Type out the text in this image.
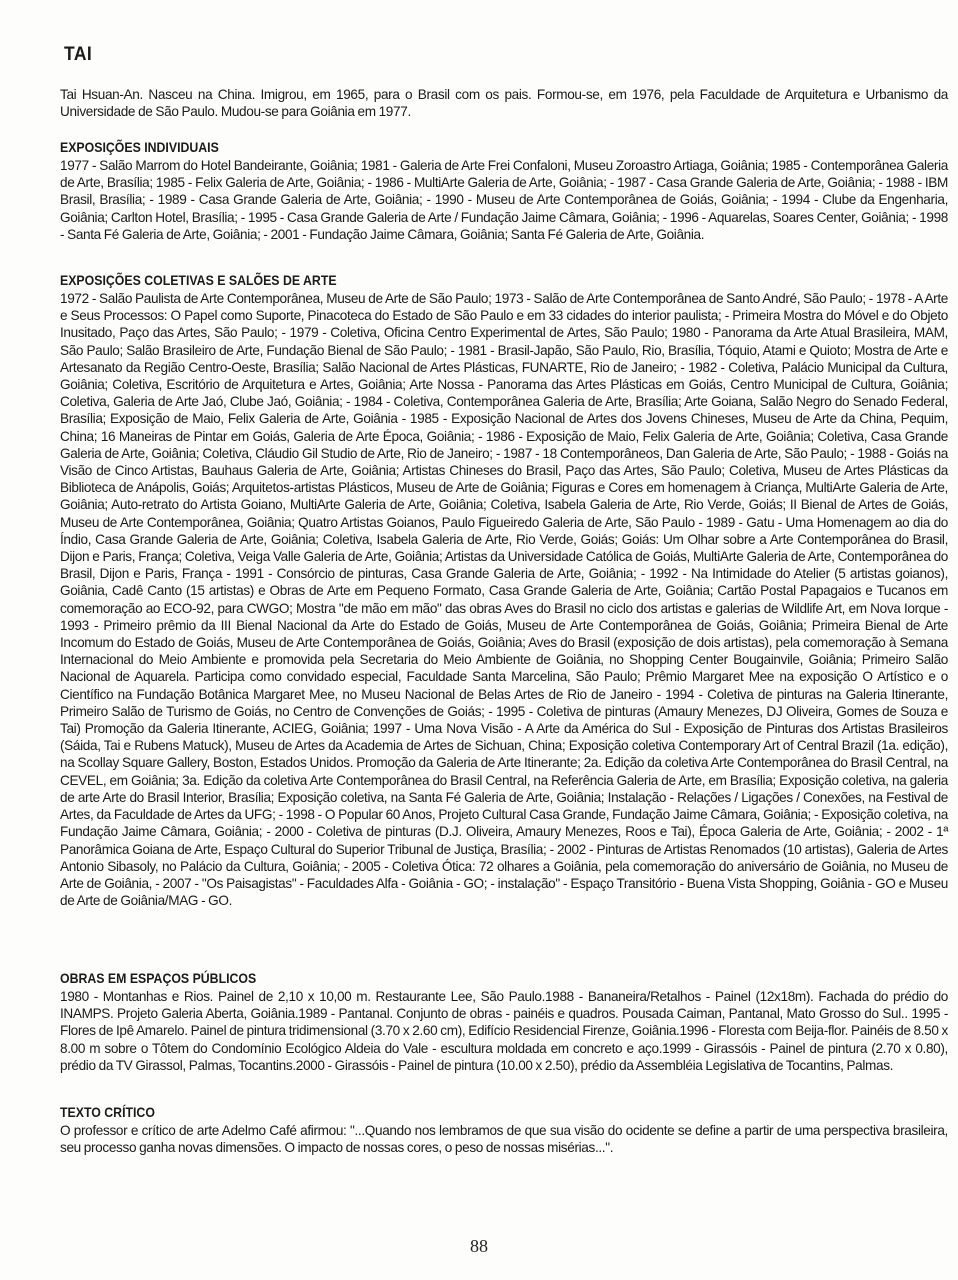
TAI

Tai Hsuan-An. Nasceu na China. Imigrou, em 1965, para o Brasil com os pais. Formou-se, em 1976, pela Faculdade de Arquitetura e Urbanismo da Universidade de São Paulo. Mudou-se para Goiânia em 1977.

EXPOSIÇÕES INDIVIDUAIS

1977 - Salão Marrom do Hotel Bandeirante, Goiânia; 1981 - Galeria de Arte Frei Confaloni, Museu Zoroastro Artiaga, Goiânia; 1985 - Contemporânea Galeria de Arte, Brasília; 1985 - Felix Galeria de Arte, Goiânia; - 1986 - MultiArte Galeria de Arte, Goiânia; - 1987 - Casa Grande Galeria de Arte, Goiânia; - 1988 - IBM Brasil, Brasília; - 1989 - Casa Grande Galeria de Arte, Goiânia; - 1990 - Museu de Arte Contemporânea de Goiás, Goiânia; - 1994 - Clube da Engenharia, Goiânia; Carlton Hotel, Brasília; - 1995 - Casa Grande Galeria de Arte / Fundação Jaime Câmara, Goiânia; - 1996 - Aquarelas, Soares Center, Goiânia; - 1998 - Santa Fé Galeria de Arte, Goiânia; - 2001 - Fundação Jaime Câmara, Goiânia; Santa Fé Galeria de Arte, Goiânia.

EXPOSIÇÕES COLETIVAS E SALÕES DE ARTE

1972 - Salão Paulista de Arte Contemporânea, Museu de Arte de São Paulo; 1973 - Salão de Arte Contemporânea de Santo André, São Paulo; - 1978 - A Arte e Seus Processos: O Papel como Suporte, Pinacoteca do Estado de São Paulo e em 33 cidades do interior paulista; - Primeira Mostra do Móvel e do Objeto Inusitado, Paço das Artes, São Paulo; - 1979 - Coletiva, Oficina Centro Experimental de Artes, São Paulo; 1980 - Panorama da Arte Atual Brasileira, MAM, São Paulo; Salão Brasileiro de Arte, Fundação Bienal de São Paulo; - 1981 - Brasil-Japão, São Paulo, Rio, Brasília, Tóquio, Atami e Quioto; Mostra de Arte e Artesanato da Região Centro-Oeste, Brasília; Salão Nacional de Artes Plásticas, FUNARTE, Rio de Janeiro; - 1982 - Coletiva, Palácio Municipal da Cultura, Goiânia; Coletiva, Escritório de Arquitetura e Artes, Goiânia; Arte Nossa - Panorama das Artes Plásticas em Goiás, Centro Municipal de Cultura, Goiânia; Coletiva, Galeria de Arte Jaó, Clube Jaó, Goiânia; - 1984 - Coletiva, Contemporânea Galeria de Arte, Brasília; Arte Goiana, Salão Negro do Senado Federal, Brasília; Exposição de Maio, Felix Galeria de Arte, Goiânia - 1985 - Exposição Nacional de Artes dos Jovens Chineses, Museu de Arte da China, Pequim, China; 16 Maneiras de Pintar em Goiás, Galeria de Arte Época, Goiânia; - 1986 - Exposição de Maio, Felix Galeria de Arte, Goiânia; Coletiva, Casa Grande Galeria de Arte, Goiânia; Coletiva, Cláudio Gil Studio de Arte, Rio de Janeiro; - 1987 - 18 Contemporâneos, Dan Galeria de Arte, São Paulo; - 1988 - Goiás na Visão de Cinco Artistas, Bauhaus Galeria de Arte, Goiânia; Artistas Chineses do Brasil, Paço das Artes, São Paulo; Coletiva, Museu de Artes Plásticas da Biblioteca de Anápolis, Goiás; Arquitetos-artistas Plásticos, Museu de Arte de Goiânia; Figuras e Cores em homenagem à Criança, MultiArte Galeria de Arte, Goiânia; Auto-retrato do Artista Goiano, MultiArte Galeria de Arte, Goiânia; Coletiva, Isabela Galeria de Arte, Rio Verde, Goiás; II Bienal de Artes de Goiás, Museu de Arte Contemporânea, Goiânia; Quatro Artistas Goianos, Paulo Figueiredo Galeria de Arte, São Paulo - 1989 - Gatu - Uma Homenagem ao dia do Índio, Casa Grande Galeria de Arte, Goiânia; Coletiva, Isabela Galeria de Arte, Rio Verde, Goiás; Goiás: Um Olhar sobre a Arte Contemporânea do Brasil, Dijon e Paris, França; Coletiva, Veiga Valle Galeria de Arte, Goiânia; Artistas da Universidade Católica de Goiás, MultiArte Galeria de Arte, Contemporânea do Brasil, Dijon e Paris, França - 1991 - Consórcio de pinturas, Casa Grande Galeria de Arte, Goiânia; - 1992 - Na Intimidade do Atelier (5 artistas goianos), Goiânia, Cadê Canto (15 artistas) e Obras de Arte em Pequeno Formato, Casa Grande Galeria de Arte, Goiânia; Cartão Postal Papagaios e Tucanos em comemoração ao ECO-92, para CWGO; Mostra "de mão em mão" das obras Aves do Brasil no ciclo dos artistas e galerias de Wildlife Art, em Nova Iorque - 1993 - Primeiro prêmio da III Bienal Nacional da Arte do Estado de Goiás, Museu de Arte Contemporânea de Goiás, Goiânia; Primeira Bienal de Arte Incomum do Estado de Goiás, Museu de Arte Contemporânea de Goiás, Goiânia; Aves do Brasil (exposição de dois artistas), pela comemoração à Semana Internacional do Meio Ambiente e promovida pela Secretaria do Meio Ambiente de Goiânia, no Shopping Center Bougainvile, Goiânia; Primeiro Salão Nacional de Aquarela. Participa como convidado especial, Faculdade Santa Marcelina, São Paulo; Prêmio Margaret Mee na exposição O Artístico e o Científico na Fundação Botânica Margaret Mee, no Museu Nacional de Belas Artes de Rio de Janeiro - 1994 - Coletiva de pinturas na Galeria Itinerante, Primeiro Salão de Turismo de Goiás, no Centro de Convenções de Goiás; - 1995 - Coletiva de pinturas (Amaury Menezes, DJ Oliveira, Gomes de Souza e Tai) Promoção da Galeria Itinerante, ACIEG, Goiânia; 1997 - Uma Nova Visão - A Arte da América do Sul - Exposição de Pinturas dos Artistas Brasileiros (Sáida, Tai e Rubens Matuck), Museu de Artes da Academia de Artes de Sichuan, China; Exposição coletiva Contemporary Art of Central Brazil (1a. edição), na Scollay Square Gallery, Boston, Estados Unidos. Promoção da Galeria de Arte Itinerante; 2a. Edição da coletiva Arte Contemporânea do Brasil Central, na CEVEL, em Goiânia; 3a. Edição da coletiva Arte Contemporânea do Brasil Central, na Referência Galeria de Arte, em Brasília; Exposição coletiva, na galeria de arte Arte do Brasil Interior, Brasília; Exposição coletiva, na Santa Fé Galeria de Arte, Goiânia; Instalação - Relações / Ligações / Conexões, na Festival de Artes, da Faculdade de Artes da UFG; - 1998 - O Popular 60 Anos, Projeto Cultural Casa Grande, Fundação Jaime Câmara, Goiânia; - Exposição coletiva, na Fundação Jaime Câmara, Goiânia; - 2000 - Coletiva de pinturas (D.J. Oliveira, Amaury Menezes, Roos e Tai), Época Galeria de Arte, Goiânia; - 2002 - 1ª Panorâmica Goiana de Arte, Espaço Cultural do Superior Tribunal de Justiça, Brasília; - 2002 - Pinturas de Artistas Renomados (10 artistas), Galeria de Artes Antonio Sibasoly, no Palácio da Cultura, Goiânia; - 2005 - Coletiva Ótica: 72 olhares a Goiânia, pela comemoração do aniversário de Goiânia, no Museu de Arte de Goiânia, - 2007 - "Os Paisagistas" - Faculdades Alfa - Goiânia - GO; - instalação" - Espaço Transitório - Buena Vista Shopping, Goiânia - GO e Museu de Arte de Goiânia/MAG - GO.

OBRAS EM ESPAÇOS PÚBLICOS

1980 - Montanhas e Rios. Painel de 2,10 x 10,00 m. Restaurante Lee, São Paulo.1988 - Bananeira/Retalhos - Painel (12x18m). Fachada do prédio do INAMPS. Projeto Galeria Aberta, Goiânia.1989 - Pantanal. Conjunto de obras - painéis e quadros. Pousada Caiman, Pantanal, Mato Grosso do Sul.. 1995 - Flores de Ipê Amarelo. Painel de pintura tridimensional (3.70 x 2.60 cm), Edifício Residencial Firenze, Goiânia.1996 - Floresta com Beija-flor. Painéis de 8.50 x 8.00 m sobre o Tôtem do Condomínio Ecológico Aldeia do Vale - escultura moldada em concreto e aço.1999 - Girassóis - Painel de pintura (2.70 x 0.80), prédio da TV Girassol, Palmas, Tocantins.2000 - Girassóis - Painel de pintura (10.00 x 2.50), prédio da Assembléia Legislativa de Tocantins, Palmas.

TEXTO CRÍTICO

O professor e crítico de arte Adelmo Café afirmou: "...Quando nos lembramos de que sua visão do ocidente se define a partir de uma perspectiva brasileira, seu processo ganha novas dimensões. O impacto de nossas cores, o peso de nossas misérias...".

88
